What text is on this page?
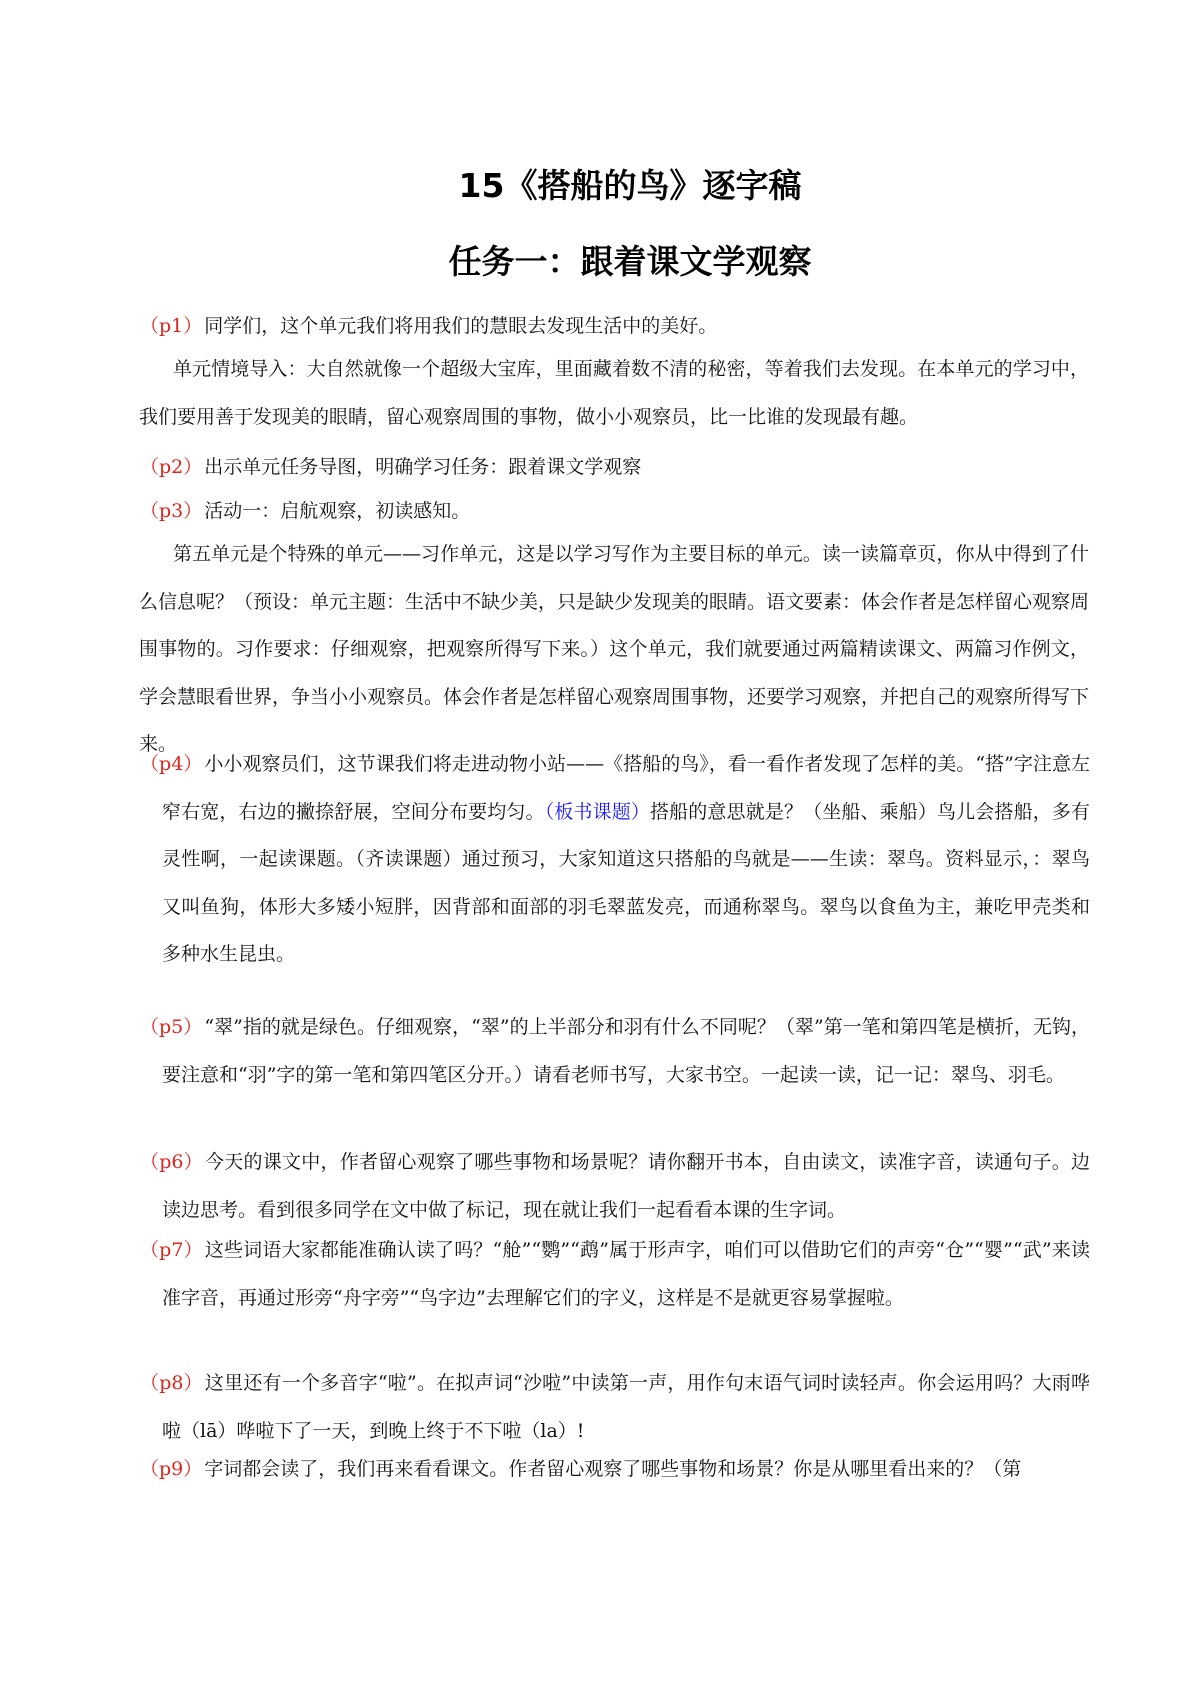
15《搭船的鸟》逐字稿
任务一：跟着课文学观察
（p1） 同学们，这个单元我们将用我们的慧眼去发现生活中的美好。
单元情境导入：大自然就像一个超级大宝库，里面藏着数不清的秘密，等着我们去发现。在本单元的学习中，我们要用善于发现美的眼睛，留心观察周围的事物，做小小观察员，比一比谁的发现最有趣。
（p2） 出示单元任务导图，明确学习任务：跟着课文学观察
（p3） 活动一：启航观察，初读感知。
第五单元是个特殊的单元——习作单元，这是以学习写作为主要目标的单元。读一读篇章页，你从中得到了什么信息呢？（预设：单元主题：生活中不缺少美，只是缺少发现美的眼睛。语文要素：体会作者是怎样留心观察周围事物的。习作要求：仔细观察，把观察所得写下来。）这个单元，我们就要通过两篇精读课文、两篇习作例文，学会慧眼看世界，争当小小观察员。体会作者是怎样留心观察周围事物，还要学习观察，并把自己的观察所得写下来。
（p4） 小小观察员们，这节课我们将走进动物小站——《搭船的鸟》，看一看作者发现了怎样的美。“搭”字注意左窄右宽，右边的撇捺舒展，空间分布要均匀。（板书课题）搭船的意思就是？（坐船、乘船）鸟儿会搭船，多有灵性啊，一起读课题。（齐读课题）通过预习，大家知道这只搭船的鸟就是——生读：翠鸟。资料显示，：翠鸟又叫鱼狗，体形大多矮小短胖，因背部和面部的羽毛翠蓝发亮，而通称翠鸟。翠鸟以食鱼为主，兼吃甲壳类和多种水生昆虫。
（p5） “翠”指的就是绿色。仔细观察，“翠”的上半部分和羽有什么不同呢？（翠”第一笔和第四笔是横折，无钩，要注意和“羽”字的第一笔和第四笔区分开。）请看老师书写，大家书空。一起读一读，记一记：翠鸟、羽毛。
（p6） 今天的课文中，作者留心观察了哪些事物和场景呢？请你翻开书本，自由读文，读准字音，读通句子。边读边思考。看到很多同学在文中做了标记，现在就让我们一起看看本课的生字词。
（p7） 这些词语大家都能准确认读了吗？“舱”“鹦”“鹉”属于形声字，咱们可以借助它们的声旁“仓”“婴”“武”来读准字音，再通过形旁“舟字旁”“鸟字边”去理解它们的字义，这样是不是就更容易掌握啦。
（p8） 这里还有一个多音字“啦”。在拟声词“沙啦”中读第一声，用作句末语气词时读轻声。你会运用吗？大雨哗啦（lā）哗啦下了一天，到晚上终于不下啦（la）!
（p9） 字词都会读了，我们再来看看课文。作者留心观察了哪些事物和场景？你是从哪里看出来的？（第
